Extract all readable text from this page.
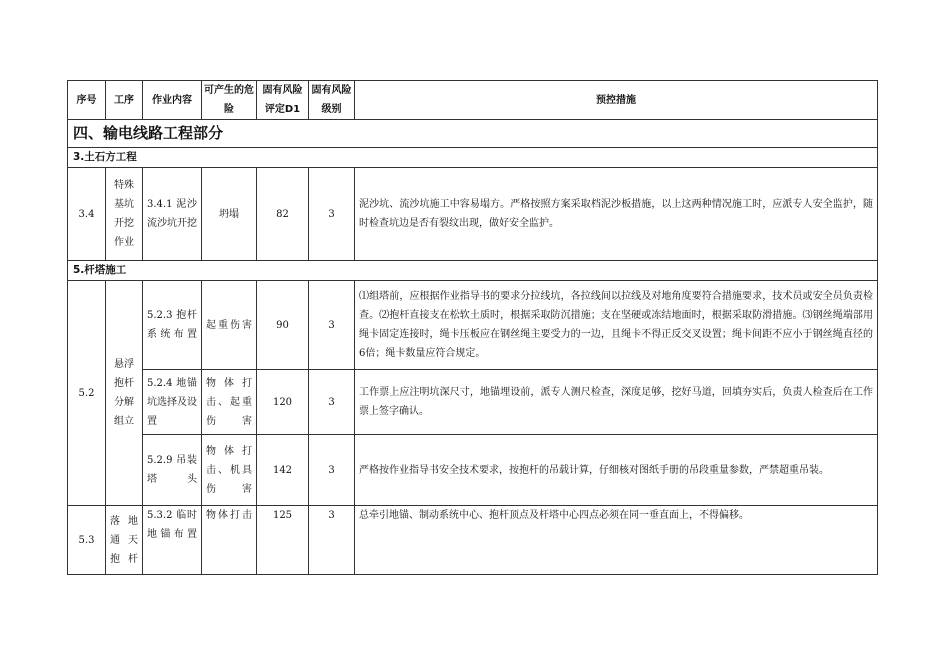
序号	工序	作业内容	可产生的危险	固有风险评定D1	固有风险级别	预控措施
四、输电线路工程部分						
3.土石方工程						
3.4	特殊基坑开挖作业	3.4.1 泥沙流沙坑开挖	坍塌	82	3	泥沙坑、流沙坑施工中容易塌方。严格按照方案采取档泥沙板措施，以上这两种情况施工时，应派专人安全监护，随时检查坑边是否有裂纹出现，做好安全监护。
5.杆塔施工						
5.2	悬浮抱杆分解组立	5.2.3 抱杆系统布置	起重伤害	90	3	⑴组塔前，应根据作业指导书的要求分拉线坑，各拉线间以拉线及对地角度要符合措施要求，技术员或安全员负责检查。⑵抱杆直接支在松软土质时，根据采取防沉措施；支在坚硬或冻结地面时，根据采取防滑措施。⑶钢丝绳端部用绳卡固定连接时，绳卡压板应在钢丝绳主要受力的一边，且绳卡不得正反交叉设置；绳卡间距不应小于钢丝绳直径的6倍；绳卡数量应符合规定。
		5.2.4 地锚坑选择及设置	物体打击、起重伤害	120	3	工作票上应注明坑深尺寸，地锚埋设前，派专人测尺检查，深度足够，挖好马道，回填夯实后，负责人检查后在工作票上签字确认。
		5.2.9 吊装塔头	物体打击、机具伤害	142	3	严格按作业指导书安全技术要求，按抱杆的吊载计算，仔细核对图纸手册的吊段重量参数，严禁超重吊装。
5.3	落地通天抱杆	5.3.2 临时地锚布置	物体打击	125	3	总牵引地锚、制动系统中心、抱杆顶点及杆塔中心四点必须在同一垂直面上，不得偏移。
